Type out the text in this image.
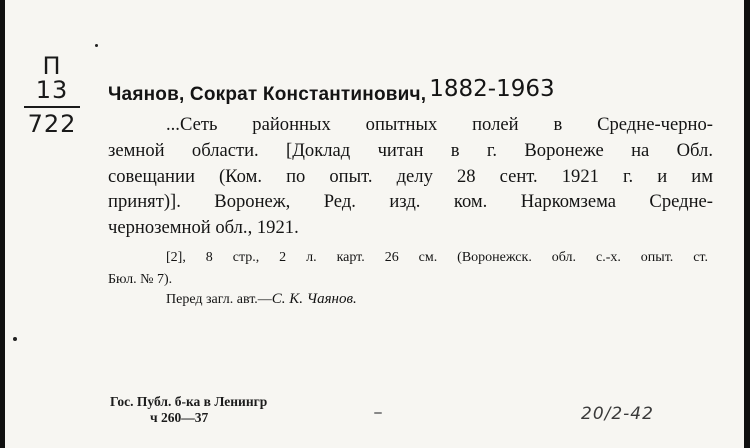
П 13
722
Чаянов, Сократ Константинович, 1882-1963
...Сеть районных опытных полей в Средне-черно-
земной области. [Доклад читан в г. Воронеже на Обл.
совещании (Ком. по опыт. делу 28 сент. 1921 г. и им
принят)]. Воронеж, Ред. изд. ком. Наркомзема Средне-
черноземной обл., 1921.
[2], 8 стр., 2 л. карт. 26 см. (Воронежск. обл. с.-х. опыт. ст.
Бюл. № 7).
Перед загл. авт.—С. К. Чаянов.
Гос. Публ. б-ка в Ленингр
ч 260—37	20/2-42
